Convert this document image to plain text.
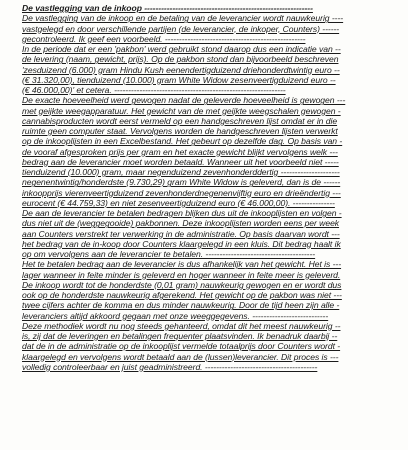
De vastlegging van de inkoop ------------------------------------------------------------
De vastlegging van de inkoop en de betaling van de leverancier wordt nauwkeurig ----
vastgelegd en door verschillende partijen (de leverancier, de inkoper, Counters) ------
gecontroleerd. Ik geef een voorbeeld. --------------------------------------------------
In de periode dat er een 'pakbon' werd gebruikt stond daarop dus een indicatie van --
de levering (naam, gewicht, prijs). Op de pakbon stond dan bijvoorbeeld beschreven
'zesduizend (6.000) gram Hindu Kush eenendertigduizend driehonderdtwintig euro --
(€ 31.320,00), tienduizend (10.000) gram White Widow zesenveertigduizend euro --
(€ 46.000,00)' et cetera. -------------------------------------------------------------
De exacte hoeveelheid werd gewogen nadat de geleverde hoeveelheid is gewogen ---
met geijkte weegapparatuur. Het gewicht van de met geijkte weegschalen gewogen -
cannabisproducten wordt eerst vermeld op een handgeschreven lijst omdat er in die
ruimte geen computer staat. Vervolgens worden de handgeschreven lijsten verwerkt
op de inkooplijsten in een Excelbestand. Het gebeurt op dezelfde dag. Op basis van -
de vooraf afgesproken prijs per gram en het exacte gewicht blijkt vervolgens welk ---
bedrag aan de leverancier moet worden betaald. Wanneer uit het voorbeeld niet -----
tienduizend (10.000) gram, maar negenduizend zevenhonderddertig ---------------------
negenentwintig/honderdste (9.730,29) gram White Widow is geleverd, dan is de ------
inkoopprijs vierenveertigduizend zevenhonderdnegenenvijftig euro en drieëndertig ---
eurocent (€ 44.759,33) en niet zesenveertigduizend euro (€ 46.000,00). ---------------
De aan de leverancier te betalen bedragen blijken dus uit de inkooplijsten en volgen -
dus niet uit de (weggegooide) pakbonnen. Deze inkooplijsten worden eens per week
aan Counters verstrekt ter verwerking in de administratie. Op basis daarvan wordt ---
het bedrag van de in-koop door Counters klaargelegd in een kluis. Dit bedrag haalt ik
op om vervolgens aan de leverancier te betalen. ---------------------------------------
Het te betalen bedrag aan de leverancier is dus afhankelijk van het gewicht. Het is ---
lager wanneer in feite minder is geleverd en hoger wanneer in feite meer is geleverd.
De inkoop wordt tot de honderdste (0,01 gram) nauwkeurig gewogen en er wordt dus
ook op de honderdste nauwkeurig afgerekend. Het gewicht op de pakbon was niet ---
twee cijfers achter de komma en dus minder nauwkeurig. Door de tijd heen zijn alle -
leveranciers altijd akkoord gegaan met onze weeggegevens. ---------------------------
Deze methodiek wordt nu nog steeds gehanteerd, omdat dit het meest nauwkeurig --
is, zij dat de leveringen en betalingen frequenter plaatsvinden. Ik benadruk daarbij --
dat de in de administratie op de inkooplijst vermelde totaalprijs door Counters wordt -
klaargelegd en vervolgens wordt betaald aan de (lussen)leverancier. Dit proces is ---
volledig controleerbaar en juist geadministreerd. ----------------------------------------
